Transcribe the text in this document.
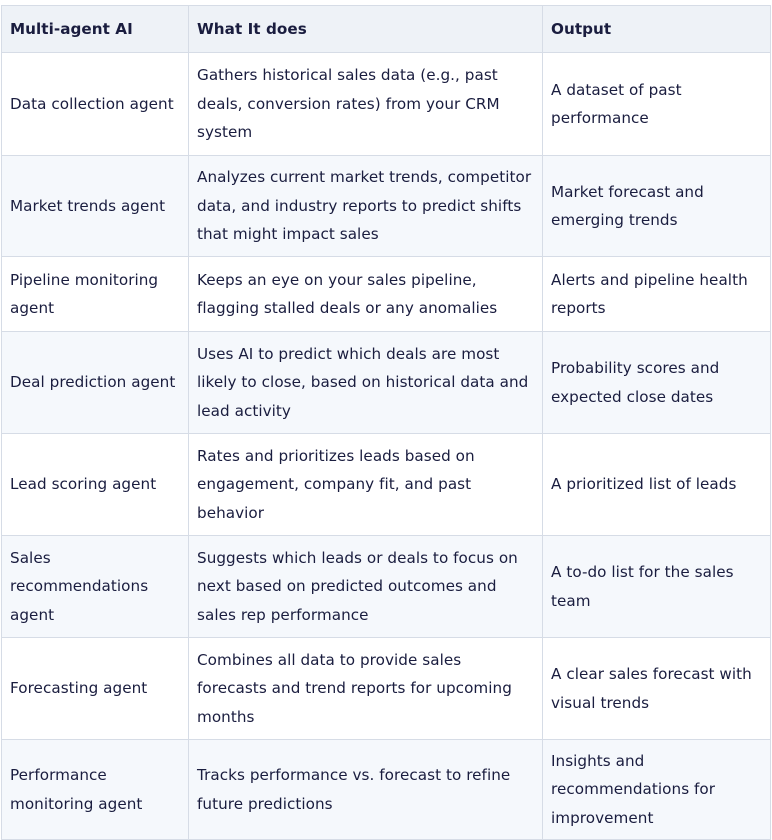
Multi-agent AI	What It does	Output
Data collection agent	Gathers historical sales data (e.g., past deals, conversion rates) from your CRM system	A dataset of past performance
Market trends agent	Analyzes current market trends, competitor data, and industry reports to predict shifts that might impact sales	Market forecast and emerging trends
Pipeline monitoring agent	Keeps an eye on your sales pipeline, flagging stalled deals or any anomalies	Alerts and pipeline health reports
Deal prediction agent	Uses AI to predict which deals are most likely to close, based on historical data and lead activity	Probability scores and expected close dates
Lead scoring agent	Rates and prioritizes leads based on engagement, company fit, and past behavior	A prioritized list of leads
Sales recommendations agent	Suggests which leads or deals to focus on next based on predicted outcomes and sales rep performance	A to-do list for the sales team
Forecasting agent	Combines all data to provide sales forecasts and trend reports for upcoming months	A clear sales forecast with visual trends
Performance monitoring agent	Tracks performance vs. forecast to refine future predictions	Insights and recommendations for improvement
